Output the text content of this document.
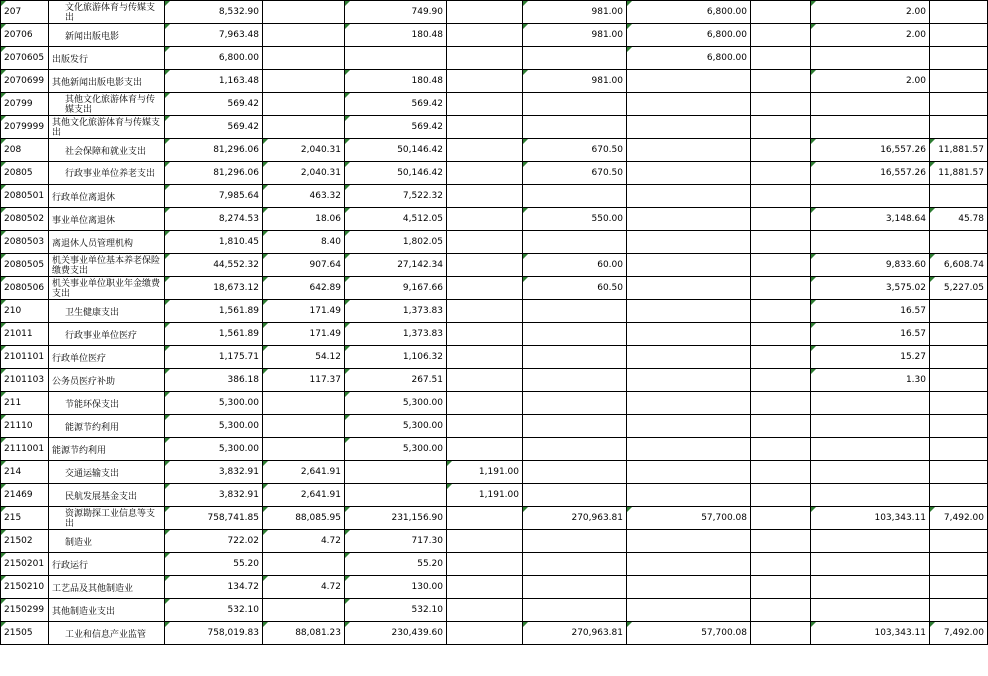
207	文化旅游体育与传媒支出	8,532.90		749.90		981.00	6,800.00		2.00	
20706	新闻出版电影	7,963.48		180.48		981.00	6,800.00		2.00	
2070605	出版发行	6,800.00					6,800.00			
2070699	其他新闻出版电影支出	1,163.48		180.48		981.00			2.00	
20799	其他文化旅游体育与传媒支出	569.42		569.42						
2079999	其他文化旅游体育与传媒支出	569.42		569.42						
208	社会保障和就业支出	81,296.06	2,040.31	50,146.42		670.50			16,557.26	11,881.57
20805	行政事业单位养老支出	81,296.06	2,040.31	50,146.42		670.50			16,557.26	11,881.57
2080501	行政单位离退休	7,985.64	463.32	7,522.32						
2080502	事业单位离退休	8,274.53	18.06	4,512.05		550.00			3,148.64	45.78
2080503	离退休人员管理机构	1,810.45	8.40	1,802.05						
2080505	机关事业单位基本养老保险缴费支出	44,552.32	907.64	27,142.34		60.00			9,833.60	6,608.74
2080506	机关事业单位职业年金缴费支出	18,673.12	642.89	9,167.66		60.50			3,575.02	5,227.05
210	卫生健康支出	1,561.89	171.49	1,373.83					16.57	
21011	行政事业单位医疗	1,561.89	171.49	1,373.83					16.57	
2101101	行政单位医疗	1,175.71	54.12	1,106.32					15.27	
2101103	公务员医疗补助	386.18	117.37	267.51					1.30	
211	节能环保支出	5,300.00		5,300.00						
21110	能源节约利用	5,300.00		5,300.00						
2111001	能源节约利用	5,300.00		5,300.00						
214	交通运输支出	3,832.91	2,641.91		1,191.00					
21469	民航发展基金支出	3,832.91	2,641.91		1,191.00					
215	资源勘探工业信息等支出	758,741.85	88,085.95	231,156.90		270,963.81	57,700.08		103,343.11	7,492.00
21502	制造业	722.02	4.72	717.30						
2150201	行政运行	55.20		55.20						
2150210	工艺品及其他制造业	134.72	4.72	130.00						
2150299	其他制造业支出	532.10		532.10						
21505	工业和信息产业监管	758,019.83	88,081.23	230,439.60		270,963.81	57,700.08		103,343.11	7,492.00
